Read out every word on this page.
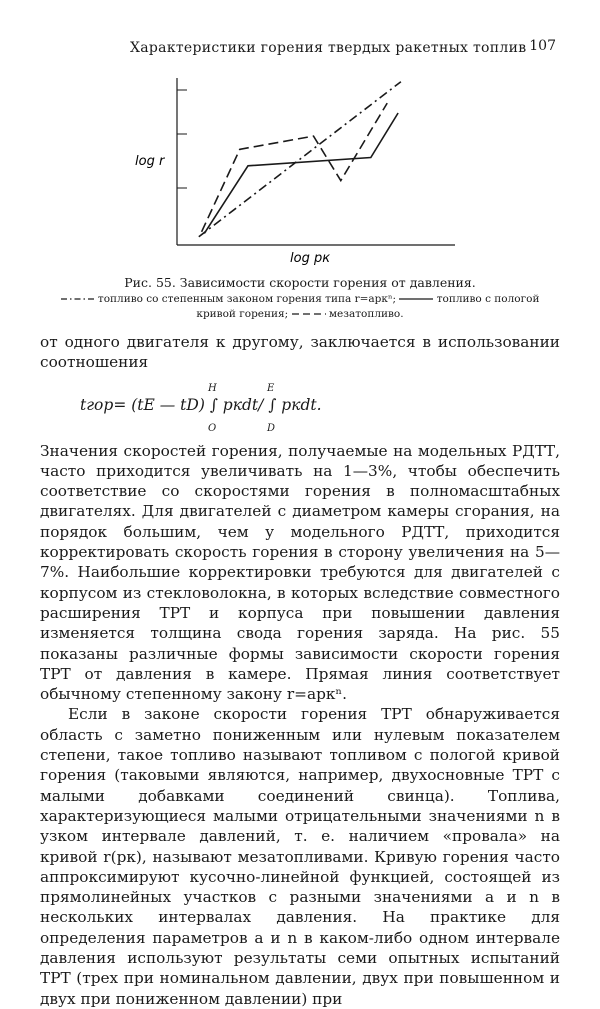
Характеристики горения твердых ракетных топлив 107
log r
log pк
Рис. 55. Зависимости скорости горения от давления.
топливо со степенным законом горения типа r=apкⁿ;	топливо с пологой
кривой горения;	мезатопливо.

от одного двигателя к другому, заключается в использовании соотношения

tгор= (tE — tD) ∫ pкdt/ ∫ pкdt.
H
O
E
D

Значения скоростей горения, получаемые на модельных РДТТ, часто приходится увеличивать на 1—3%, чтобы обеспечить соответствие со скоростями горения в полномасштабных двигателях. Для двигателей с диаметром камеры сгорания, на порядок большим, чем у модельного РДТТ, приходится корректировать скорость горения в сторону увеличения на 5—7%. Наибольшие корректировки требуются для двигателей с корпусом из стекловолокна, в которых вследствие совместного расширения ТРТ и корпуса при повышении давления изменяется толщина свода горения заряда. На рис. 55 показаны различные формы зависимости скорости горения ТРТ от давления в камере. Прямая линия соответствует обычному степенному закону r=apкⁿ.

Если в законе скорости горения ТРТ обнаруживается область с заметно пониженным или нулевым показателем степени, такое топливо называют топливом с пологой кривой горения (таковыми являются, например, двухосновные ТРТ с малыми добавками соединений свинца). Топлива, характеризующиеся малыми отрицательными значениями n в узком интервале давлений, т. е. наличием «провала» на кривой r(pк), называют мезатопливами. Кривую горения часто аппроксимируют кусочно-линейной функцией, состоящей из прямолинейных участков с разными значениями a и n в нескольких интервалах давления. На практике для определения параметров a и n в каком-либо одном интервале давления используют результаты семи опытных испытаний ТРТ (трех при номинальном давлении, двух при повышенном и двух при пониженном давлении) при
